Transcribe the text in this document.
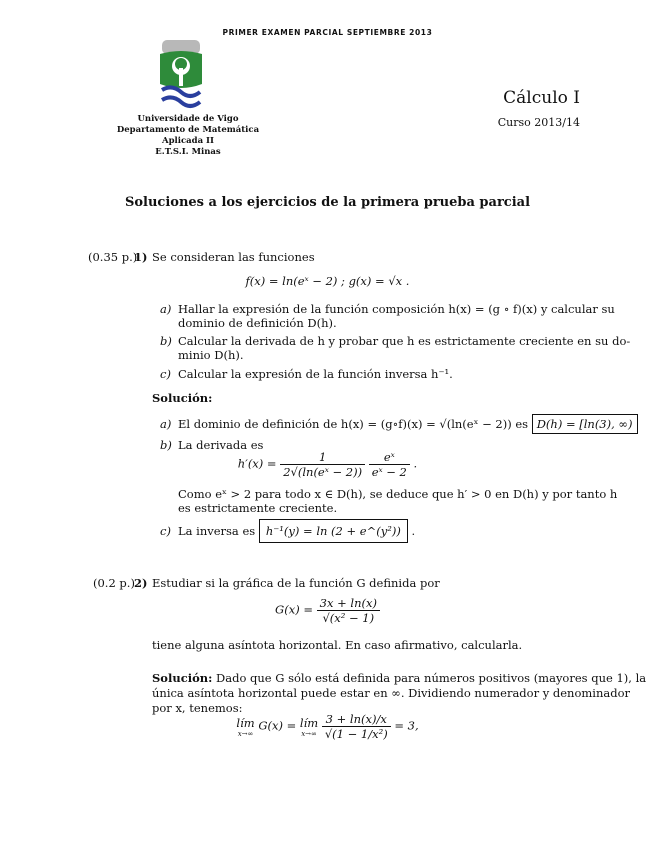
PRIMER EXAMEN PARCIAL SEPTIEMBRE 2013
Universidade de Vigo
Departamento de Matemática Aplicada II
E.T.S.I. Minas
Cálculo I
Curso 2013/14
Soluciones a los ejercicios de la primera prueba parcial
(0.35 p.)
1) Se consideran las funciones
f(x) = ln(eˣ − 2) ; g(x) = √x .
a) Hallar la expresión de la función composición h(x) = (g ∘ f)(x) y calcular su
dominio de definición D(h).
b) Calcular la derivada de h y probar que h es estrictamente creciente en su do-
minio D(h).
c) Calcular la expresión de la función inversa h⁻¹.
Solución:
a) El dominio de definición de h(x) = (g∘f)(x) = √(ln(eˣ − 2)) es D(h) = [ln(3), ∞)
b) La derivada es
$h'(x) = \frac{1}{\text{2√(ln(eˣ − 2))}}$
$\frac{\text{eˣ}}{\text{eˣ − 2}}$ .
Como eˣ > 2 para todo x ∈ D(h), se deduce que h′ > 0 en D(h) y por tanto h
es estrictamente creciente.
c) La inversa es h⁻¹(y) = ln (2 + e^(y²)) .
(0.2 p.) 2) Estudiar si la gráfica de la función G definida por
$G(x) = \frac{3x + \ln(x)}{\text{√(x² − 1)}}$
tiene alguna asíntota horizontal. En caso afirmativo, calcularla.
Solución: Dado que G sólo está definida para números positivos (mayores que 1), la
única asíntota horizontal puede estar en ∞. Dividiendo numerador y denominador
por x, tenemos:
lím
x→∞
G(x) = lím
x→∞
$\frac{3 + \ln(x)/x}{\text{√(1 − 1/x²)}} = 3$,
